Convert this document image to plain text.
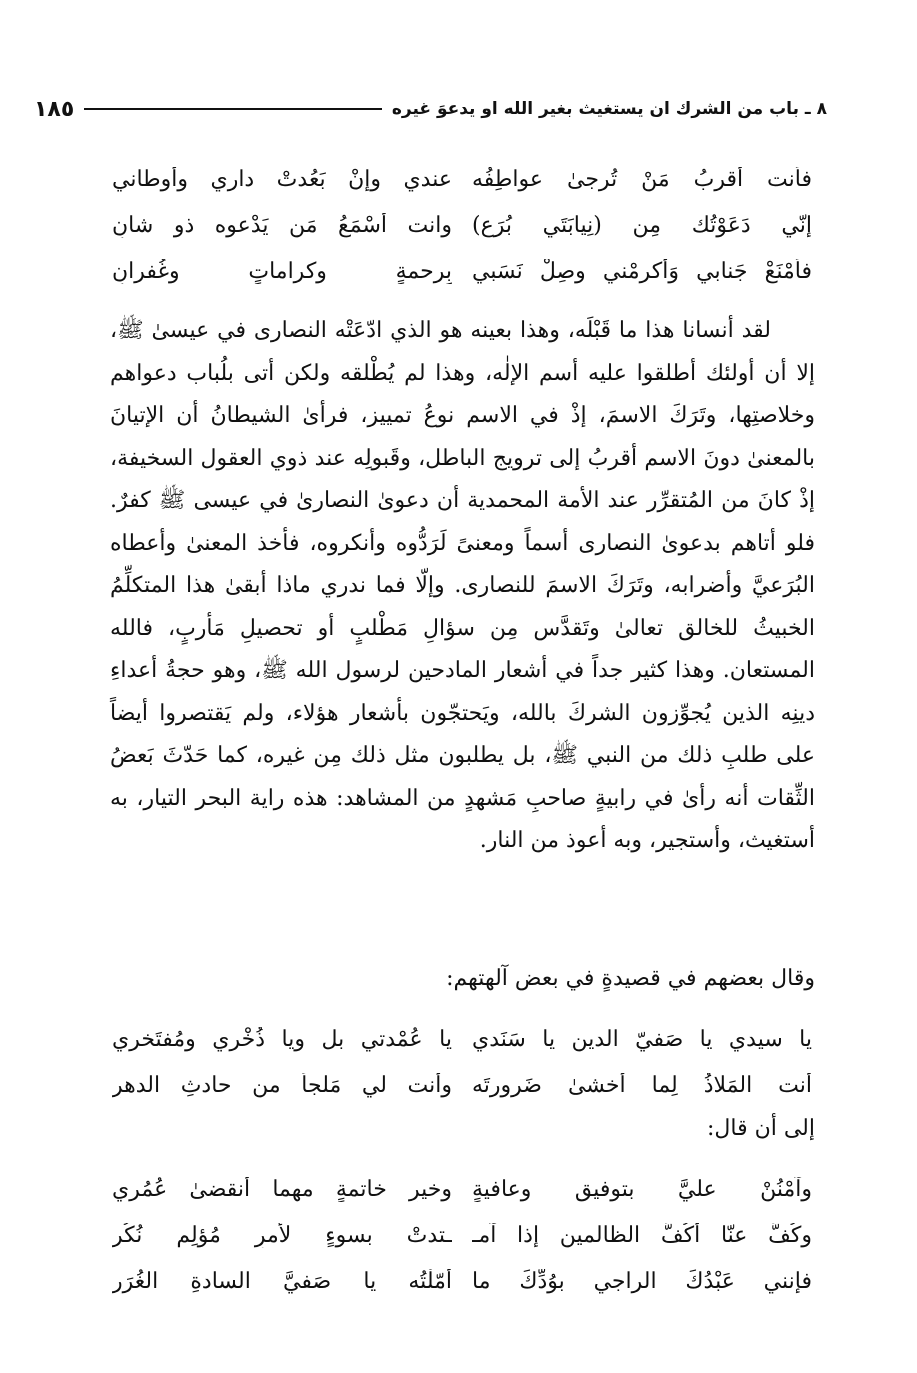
٨ ـ باب من الشرك ان يستغيث بغير الله او يدعوَ غيره
١٨٥
فأنت أقربُ مَنْ تُرجىٰ عواطِفُه
عندي وإنْ بَعُدتْ داري وأوطاني
إنّي دَعَوْتُك مِن (نِيابَتَي بُرَع)
وانت أسْمَعُ مَن يَدْعوه ذو شانِ
فأمْنَعْ جَنابي وَأكرِمْني وصِلْ نَسَبي
بِرحمةٍ وكراماتٍ وغُفرانِ

لقد أنسانا هذا ما قَبْلَه، وهذا بعينه هو الذي ادّعَتْه النصارى في عيسىٰ ﷺ، إلا أن أولئك أطلقوا عليه أسم الإلٰه، وهذا لم يُطْلقه ولكن أتى بلُباب دعواهم وخلاصتِها، وتَرَكَ الاسمَ، إذْ في الاسم نوعُ تمييز، فرأىٰ الشيطانُ أن الإتيانَ بالمعنىٰ دونَ الاسم أقربُ إلى ترويج الباطل، وقَبولِه عند ذوي العقول السخيفة، إذْ كانَ من المُتقرِّر عند الأمة المحمدية أن دعوىٰ النصارىٰ في عيسى ﷺ كفرٌ. فلو أتاهم بدعوىٰ النصارى أسماً ومعنىً لَرَدُّوه وأنكروه، فأخذ المعنىٰ وأعطاه البُرَعيَّ وأضرابه، وتَرَكَ الاسمَ للنصارى. وإلّا فما ندري ماذا أبقىٰ هذا المتكلِّمُ الخبيثُ للخالق تعالىٰ وتَقدَّس مِن سؤالِ مَطْلبٍ أو تحصيلِ مَأربٍ، فالله المستعان. وهذا كثير جداً في أشعار المادحين لرسول الله ﷺ، وهو حجةُ أعداءِ دينِه الذين يُجوِّزون الشركَ بالله، ويَحتجّون بأشعار هؤلاء، ولم يَقتصروا أيضاً على طلبِ ذلك من النبي ﷺ، بل يطلبون مثل ذلك مِن غيره، كما حَدّثَ بَعضُ الثِّقات أنه رأىٰ في رابيةٍ صاحبِ مَشهدٍ من المشاهد: هذه راية البحر التيار، به أستغيث، وأستجير، وبه أعوذ من النار.

وقال بعضهم في قصيدةٍ في بعض آلهتهم:
يا سيدي يا صَفيّ الدين يا سَنَدي
يا عُمْدتي بل ويا ذُخْري ومُفتَخري
أنت المَلاذُ لِما أخشىٰ ضَرورتَه
وأنت لي مَلجأً من حادثِ الدهرِ
إلى أن قال:
وآمْنُنْ عليَّ بتوفيقٍ وعافيةٍ
وخيرِ خاتمةٍ مهما أنقضىٰ عُمُري
وكُفَّ عنّا أكُفَّ الظالمين إذا آمـ
ـتدتْ بسوءٍ لأمرٍ مُؤلِمٍ نُكُرِ
فإنني عَبْدُكَ الراجي بوُدِّكَ ما
أمّلْتُه يا صَفيَّ السادةِ الغُرَرِ
